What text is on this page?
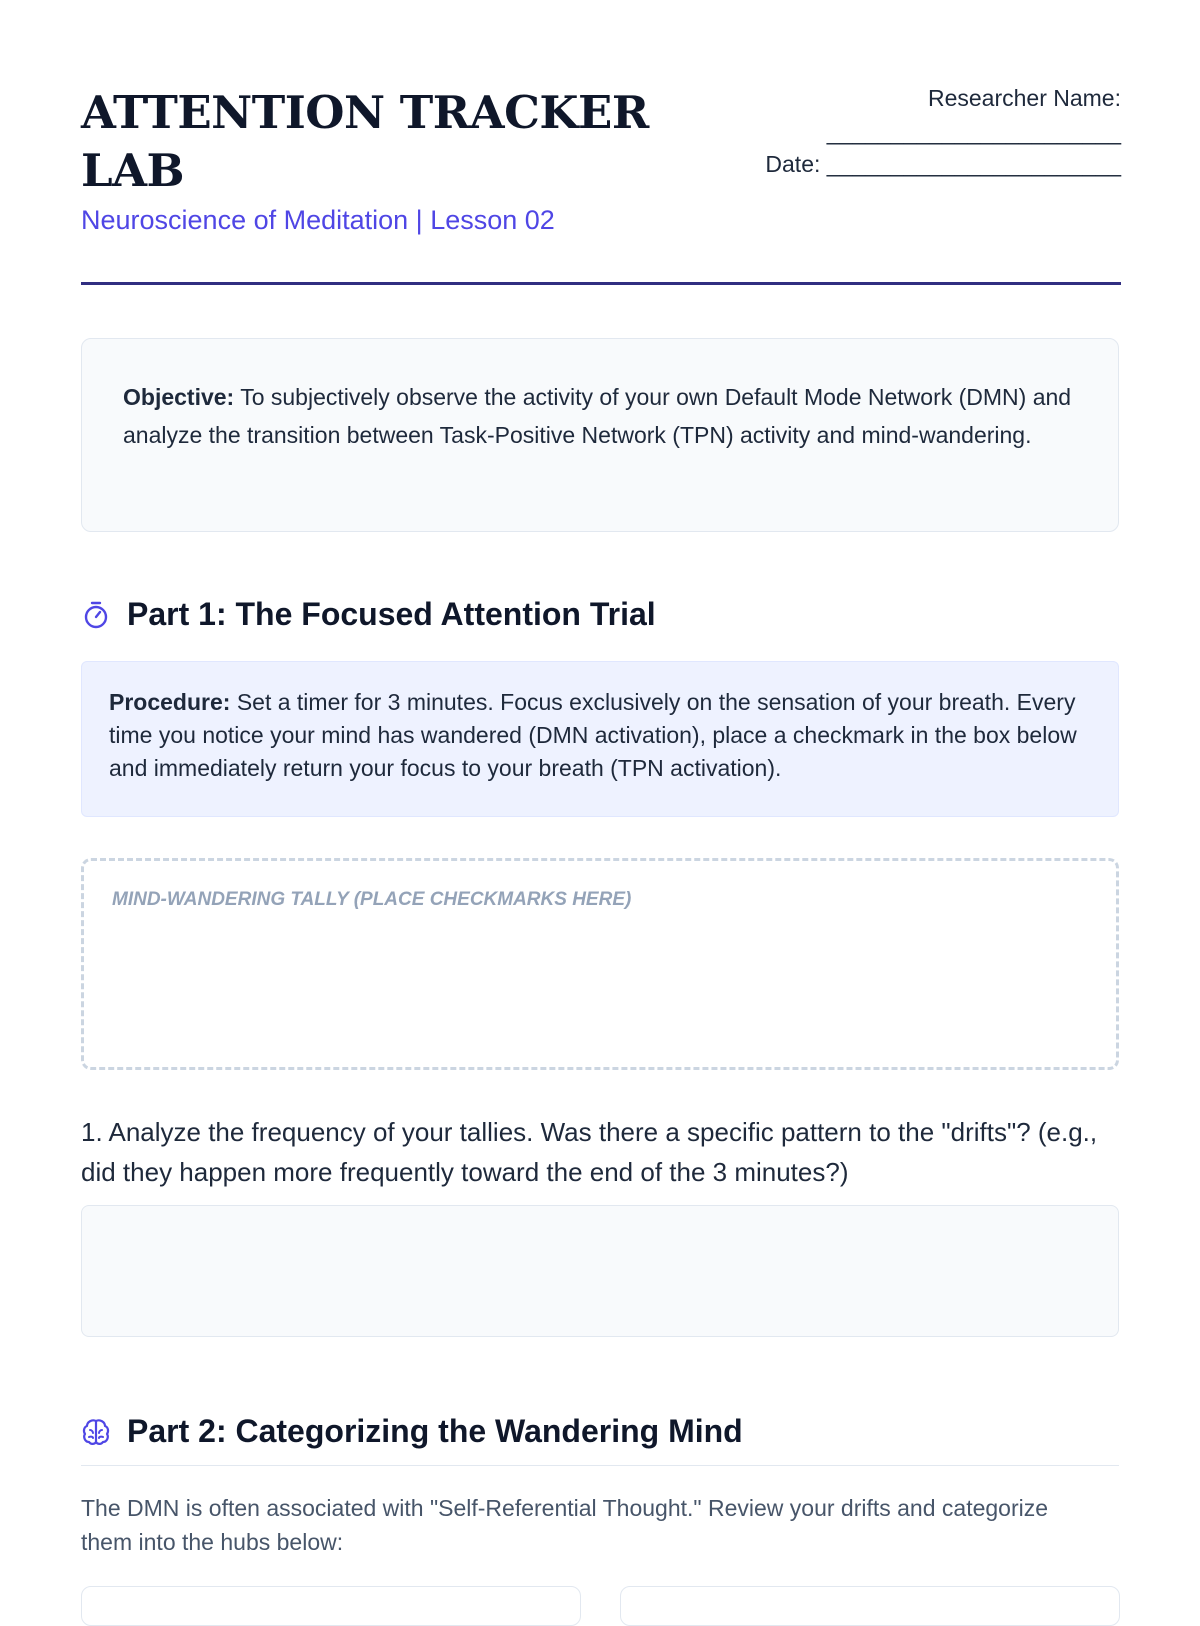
ATTENTION TRACKER LAB
Neuroscience of Meditation | Lesson 02
Researcher Name:
_______________________
Date: _______________________

Objective: To subjectively observe the activity of your own Default Mode Network (DMN) and analyze the transition between Task-Positive Network (TPN) activity and mind-wandering.

Part 1: The Focused Attention Trial

Procedure: Set a timer for 3 minutes. Focus exclusively on the sensation of your breath. Every time you notice your mind has wandered (DMN activation), place a checkmark in the box below and immediately return your focus to your breath (TPN activation).

MIND-WANDERING TALLY (PLACE CHECKMARKS HERE)

1. Analyze the frequency of your tallies. Was there a specific pattern to the "drifts"? (e.g., did they happen more frequently toward the end of the 3 minutes?)

Part 2: Categorizing the Wandering Mind

The DMN is often associated with "Self-Referential Thought." Review your drifts and categorize them into the hubs below:
